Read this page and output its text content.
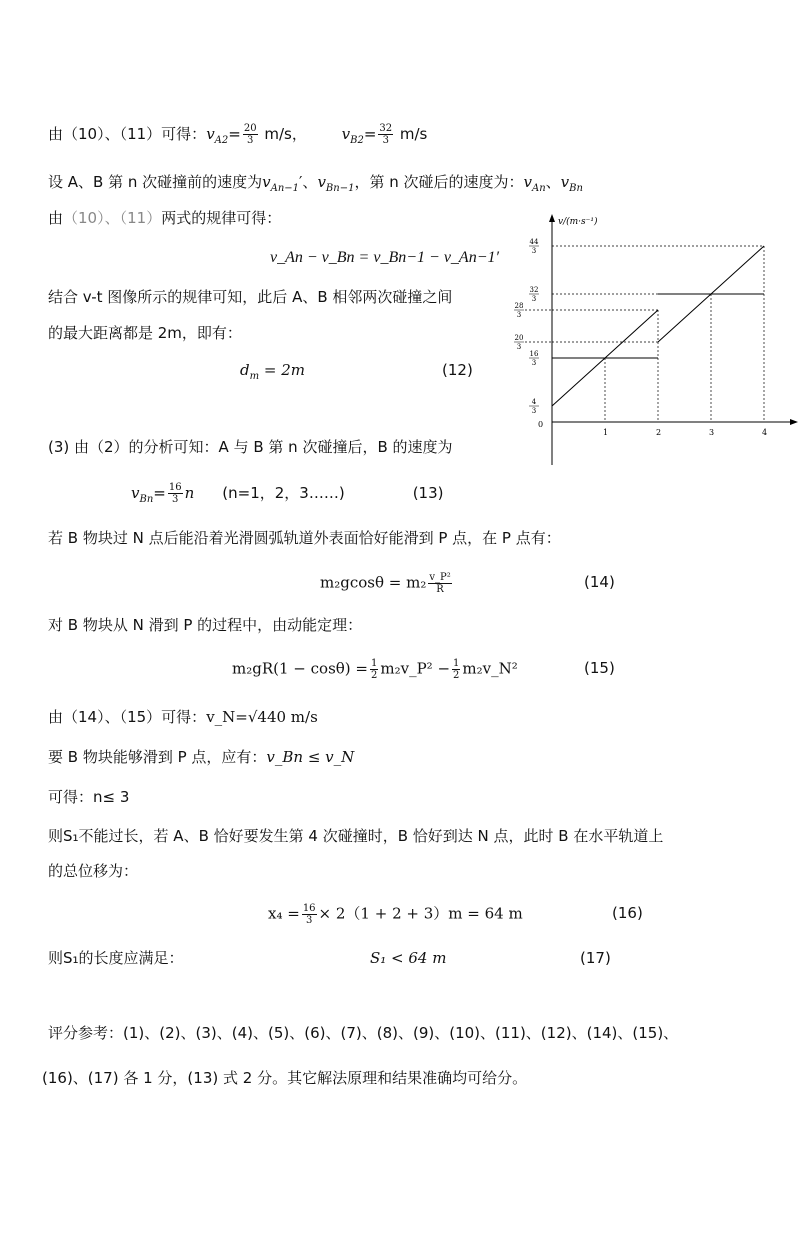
由（10）、（11）可得：$v_{A2}= \frac{20}{3} m/s$， $v_{B2}= \frac{32}{3} m/s$
设 A、B 第 n 次碰撞前的速度为$v_{An-1}'$、$v_{Bn-1}$，第 n 次碰后的速度为：$v_{An}$、$v_{Bn}$
由（10）、（11）两式的规律可得：
v_An − v_Bn = v_Bn−1 − v_An−1′
结合 v-t 图像所示的规律可知，此后 A、B 相邻两次碰撞之间
的最大距离都是 2m，即有：
$d_m = 2m$	(12)
(3) 由（2）的分析可知：A 与 B 第 n 次碰撞后，B 的速度为
$v_{Bn}= \frac{16}{3}$ n (n=1，2，3……)	(13)
若 B 物块过 N 点后能沿着光滑圆弧轨道外表面恰好能滑到 P 点，在 P 点有：
$m_2gcos\theta = m_2 \frac{\text{v\_P²}}{R}$	(14)
对 B 物块从 N 滑到 P 的过程中，由动能定理：
$m_2gR(1 - \cos\theta) = \frac{1}{2}$ m₂v_P² − $\frac{1}{2}$ m₂v_N²	(15)
由（14）、（15）可得：v_N=√440 m/s
要 B 物块能够滑到 P 点，应有：v_Bn ≤ v_N
可得：n≤ 3
则S₁不能过长，若 A、B 恰好要发生第 4 次碰撞时，B 恰好到达 N 点，此时 B 在水平轨道上
的总位移为：
$x_4 = \frac{16}{3} \times 2(1 + 2 + 3)m = 64$ m	(16)
则S₁的长度应满足：	S₁ < 64 m	(17)
评分参考：(1)、(2)、(3)、(4)、(5)、(6)、(7)、(8)、(9)、(10)、(11)、(12)、(14)、(15)、
(16)、(17) 各 1 分，(13) 式 2 分。其它解法原理和结果准确均可给分。
v/(m·s⁻¹)
0
1	2	3	4
4
3
16
3
20
3
28
3
32
3
44
3
